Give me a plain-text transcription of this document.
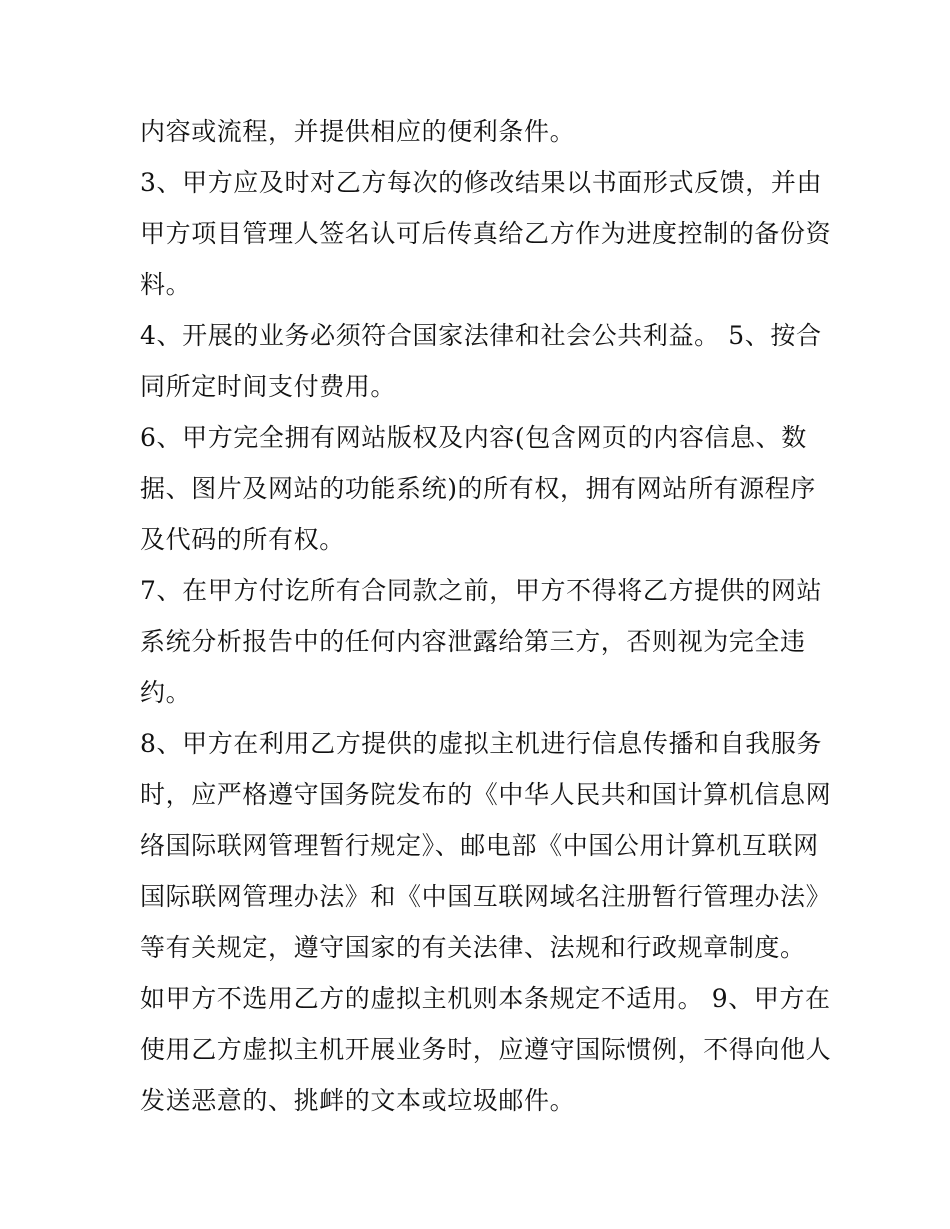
内容或流程，并提供相应的便利条件。
3、甲方应及时对乙方每次的修改结果以书面形式反馈，并由
甲方项目管理人签名认可后传真给乙方作为进度控制的备份资
料。
4、开展的业务必须符合国家法律和社会公共利益。 5、按合
同所定时间支付费用。
6、甲方完全拥有网站版权及内容(包含网页的内容信息、数
据、图片及网站的功能系统)的所有权，拥有网站所有源程序
及代码的所有权。
7、在甲方付讫所有合同款之前，甲方不得将乙方提供的网站
系统分析报告中的任何内容泄露给第三方，否则视为完全违
约。
8、甲方在利用乙方提供的虚拟主机进行信息传播和自我服务
时，应严格遵守国务院发布的《中华人民共和国计算机信息网
络国际联网管理暂行规定》、邮电部《中国公用计算机互联网
国际联网管理办法》和《中国互联网域名注册暂行管理办法》
等有关规定，遵守国家的有关法律、法规和行政规章制度。
如甲方不选用乙方的虚拟主机则本条规定不适用。 9、甲方在
使用乙方虚拟主机开展业务时，应遵守国际惯例，不得向他人
发送恶意的、挑衅的文本或垃圾邮件。
